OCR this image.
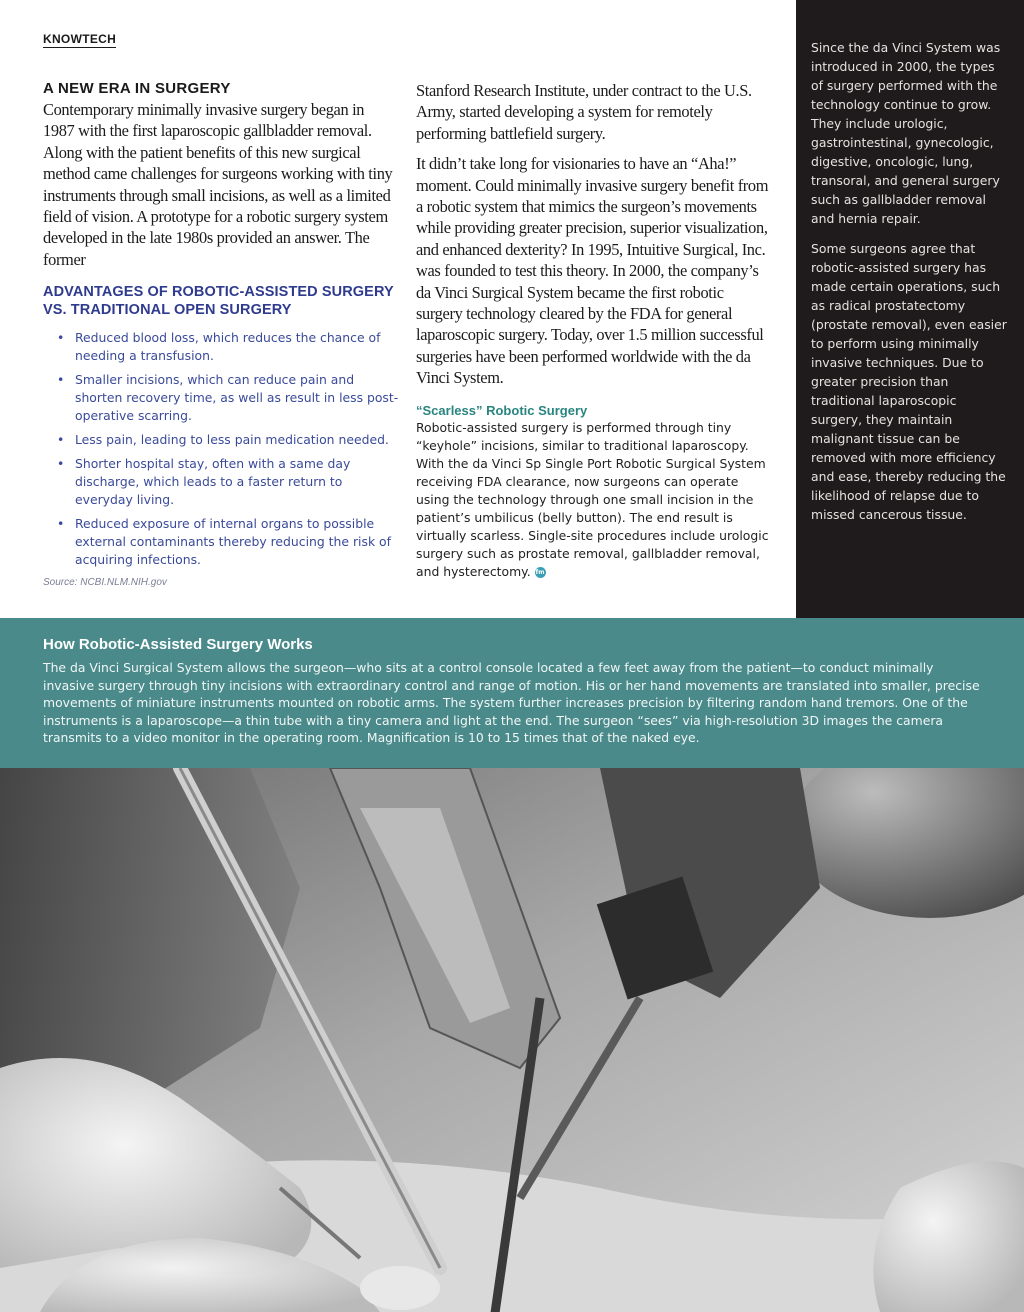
KNOWTECH
A NEW ERA IN SURGERY

Contemporary minimally invasive surgery began in 1987 with the first laparoscopic gallbladder removal. Along with the patient benefits of this new surgical method came challenges for surgeons working with tiny instruments through small incisions, as well as a limited field of vision. A prototype for a robotic surgery system developed in the late 1980s provided an answer. The former

ADVANTAGES OF ROBOTIC-ASSISTED SURGERY VS. TRADITIONAL OPEN SURGERY
• Reduced blood loss, which reduces the chance of needing a transfusion.
• Smaller incisions, which can reduce pain and shorten recovery time, as well as result in less post-operative scarring.
• Less pain, leading to less pain medication needed.
• Shorter hospital stay, often with a same day discharge, which leads to a faster return to everyday living.
• Reduced exposure of internal organs to possible external contaminants thereby reducing the risk of acquiring infections.
Source: NCBI.NLM.NIH.gov

Stanford Research Institute, under contract to the U.S. Army, started developing a system for remotely performing battlefield surgery.

It didn’t take long for visionaries to have an “Aha!” moment. Could minimally invasive surgery benefit from a robotic system that mimics the surgeon’s movements while providing greater precision, superior visualization, and enhanced dexterity? In 1995, Intuitive Surgical, Inc. was founded to test this theory. In 2000, the company’s da Vinci Surgical System became the first robotic surgery technology cleared by the FDA for general laparoscopic surgery. Today, over 1.5 million successful surgeries have been performed worldwide with the da Vinci System.

“Scarless” Robotic Surgery

Robotic-assisted surgery is performed through tiny “keyhole” incisions, similar to traditional laparoscopy. With the da Vinci Sp Single Port Robotic Surgical System receiving FDA clearance, now surgeons can operate using the technology through one small incision in the patient’s umbilicus (belly button). The end result is virtually scarless. Single-site procedures include urologic surgery such as prostate removal, gallbladder removal, and hysterectomy. fm

Since the da Vinci System was introduced in 2000, the types of surgery performed with the technology continue to grow. They include urologic, gastrointestinal, gynecologic, digestive, oncologic, lung, transoral, and general surgery such as gallbladder removal and hernia repair.

Some surgeons agree that robotic-assisted surgery has made certain operations, such as radical prostatectomy (prostate removal), even easier to perform using minimally invasive techniques. Due to greater precision than traditional laparoscopic surgery, they maintain malignant tissue can be removed with more efficiency and ease, thereby reducing the likelihood of relapse due to missed cancerous tissue.

How Robotic-Assisted Surgery Works

The da Vinci Surgical System allows the surgeon—who sits at a control console located a few feet away from the patient—to conduct minimally invasive surgery through tiny incisions with extraordinary control and range of motion. His or her hand movements are translated into smaller, precise movements of miniature instruments mounted on robotic arms. The system further increases precision by filtering random hand tremors. One of the instruments is a laparoscope—a thin tube with a tiny camera and light at the end. The surgeon “sees” via high-resolution 3D images the camera transmits to a video monitor in the operating room. Magnification is 10 to 15 times that of the naked eye.
